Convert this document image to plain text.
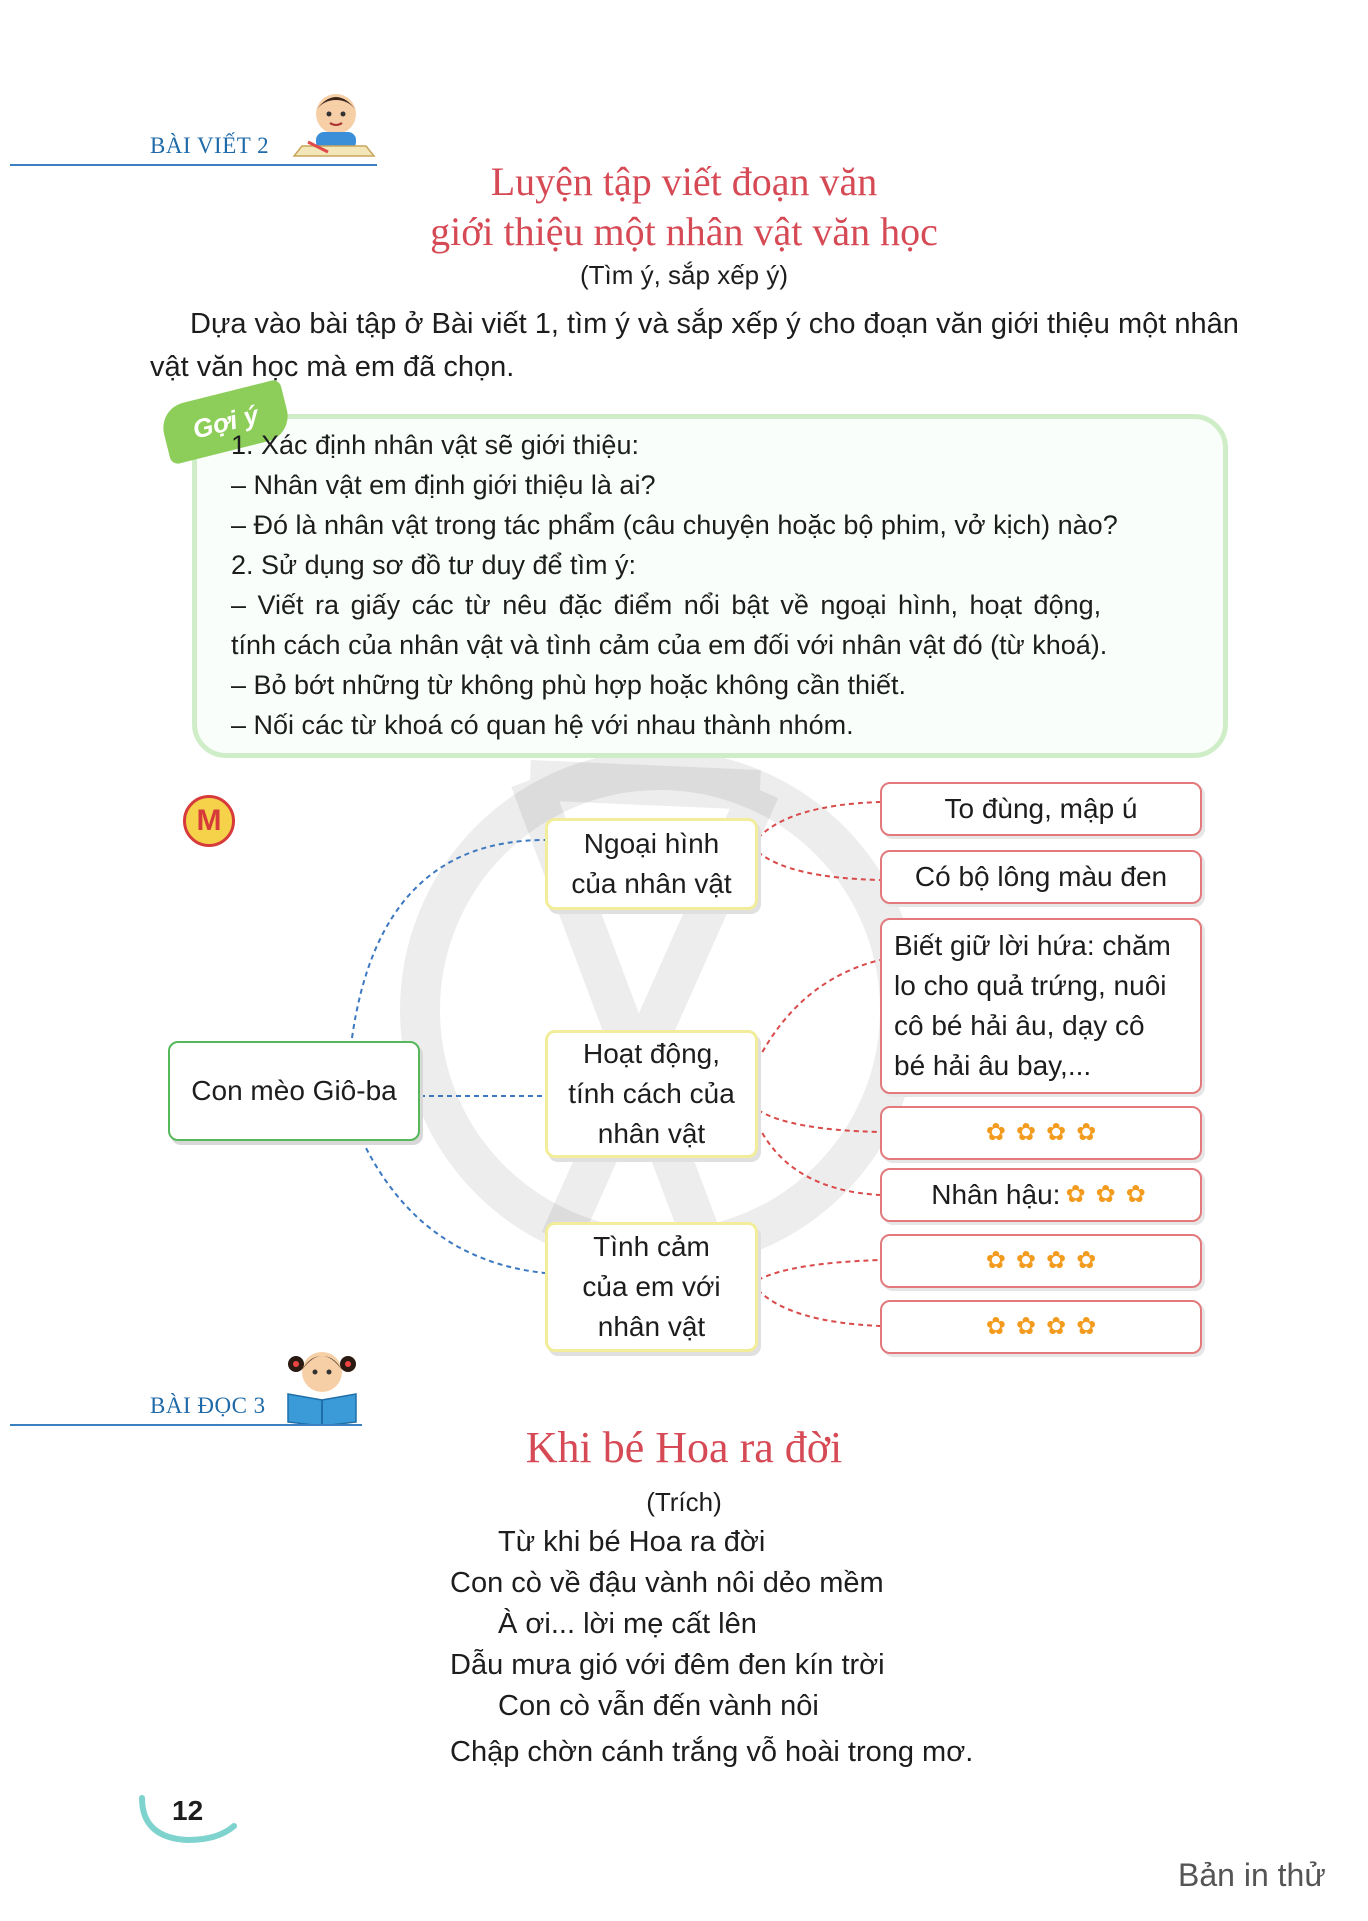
BÀI VIẾT 2
Luyện tập viết đoạn văn
giới thiệu một nhân vật văn học
(Tìm ý, sắp xếp ý)
Dựa vào bài tập ở Bài viết 1, tìm ý và sắp xếp ý cho đoạn văn giới thiệu một nhân
vật văn học mà em đã chọn.
Gợi ý
1. Xác định nhân vật sẽ giới thiệu:
– Nhân vật em định giới thiệu là ai?
– Đó là nhân vật trong tác phẩm (câu chuyện hoặc bộ phim, vở kịch) nào?
2. Sử dụng sơ đồ tư duy để tìm ý:
– Viết ra giấy các từ nêu đặc điểm nổi bật về ngoại hình, hoạt động,
tính cách của nhân vật và tình cảm của em đối với nhân vật đó (từ khoá).
– Bỏ bớt những từ không phù hợp hoặc không cần thiết.
– Nối các từ khoá có quan hệ với nhau thành nhóm.
M
Con mèo Giô-ba
Ngoại hình
của nhân vật
Hoạt động,
tính cách của
nhân vật
Tình cảm
của em với
nhân vật
To đùng, mập ú
Có bộ lông màu đen
Biết giữ lời hứa: chăm
lo cho quả trứng, nuôi
cô bé hải âu, dạy cô
bé hải âu bay,...
✿ ✿ ✿ ✿
Nhân hậu: ✿ ✿ ✿
✿ ✿ ✿ ✿
✿ ✿ ✿ ✿
BÀI ĐỌC 3
Khi bé Hoa ra đời
(Trích)
Từ khi bé Hoa ra đời
Con cò về đậu vành nôi dẻo mềm
À ơi... lời mẹ cất lên
Dẫu mưa gió với đêm đen kín trời
Con cò vẫn đến vành nôi
Chập chờn cánh trắng vỗ hoài trong mơ.
12
Bản in thử
